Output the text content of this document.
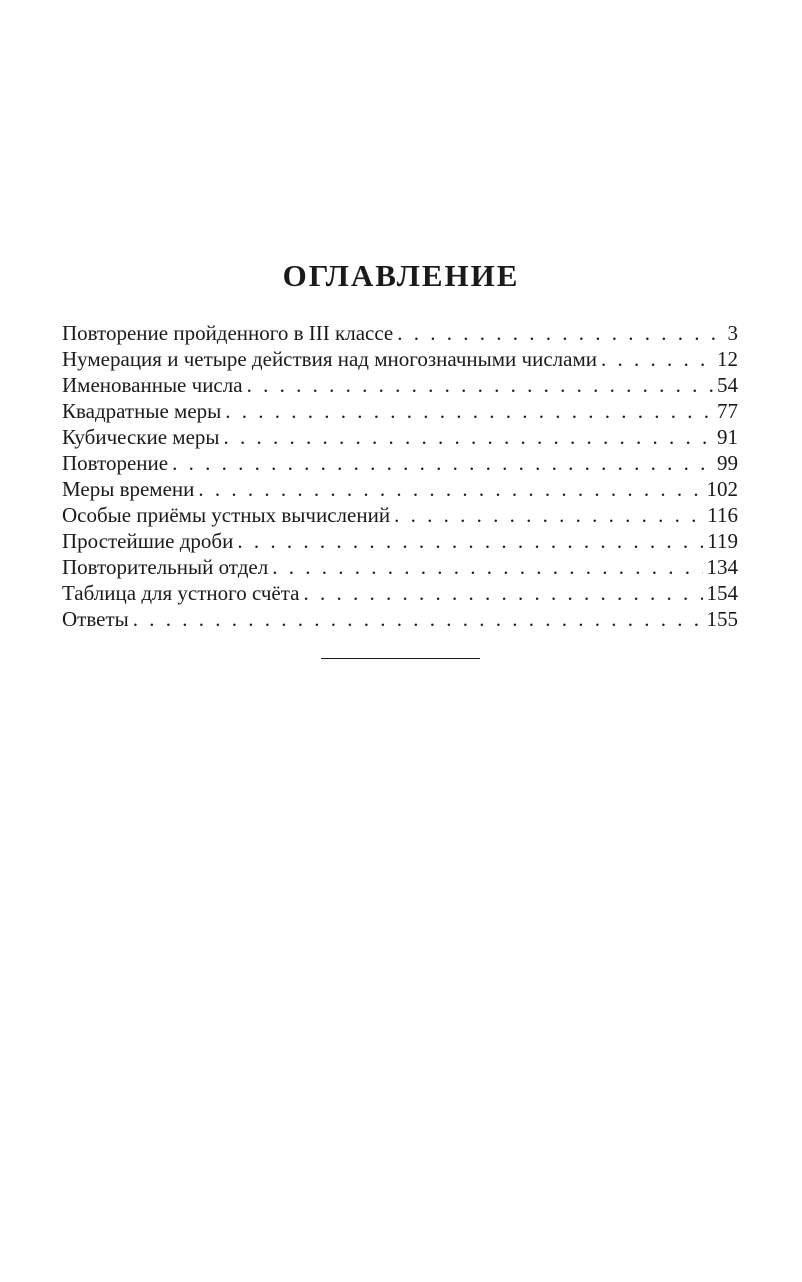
ОГЛАВЛЕНИЕ
Повторение пройденного в III классе . . .	3
Нумерация и четыре действия над многозначными числами . . .	12
Именованные числа . . .	54
Квадратные меры . . .	77
Кубические меры . . .	91
Повторение . . .	99
Меры времени . . .	102
Особые приёмы устных вычислений . . .	116
Простейшие дроби . . .	119
Повторительный отдел . . .	134
Таблица для устного счёта . . .	154
Ответы . . .	155
